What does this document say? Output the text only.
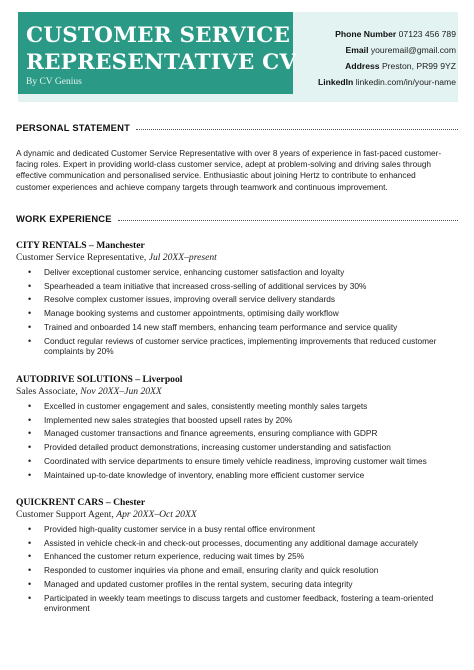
CUSTOMER SERVICE
REPRESENTATIVE CV
By CV Genius
Phone Number 07123 456 789
Email youremail@gmail.com
Address Preston, PR99 9YZ
LinkedIn linkedin.com/in/your-name
PERSONAL STATEMENT
A dynamic and dedicated Customer Service Representative with over 8 years of experience in fast-paced customer-facing roles. Expert in providing world-class customer service, adept at problem-solving and driving sales through effective communication and personalised service. Enthusiastic about joining Hertz to contribute to enhanced customer experiences and achieve company targets through teamwork and continuous improvement.
WORK EXPERIENCE
CITY RENTALS – Manchester
Customer Service Representative, Jul 20XX–present
• Deliver exceptional customer service, enhancing customer satisfaction and loyalty
• Spearheaded a team initiative that increased cross-selling of additional services by 30%
• Resolve complex customer issues, improving overall service delivery standards
• Manage booking systems and customer appointments, optimising daily workflow
• Trained and onboarded 14 new staff members, enhancing team performance and service quality
• Conduct regular reviews of customer service practices, implementing improvements that reduced customer complaints by 20%
AUTODRIVE SOLUTIONS – Liverpool
Sales Associate, Nov 20XX–Jun 20XX
• Excelled in customer engagement and sales, consistently meeting monthly sales targets
• Implemented new sales strategies that boosted upsell rates by 20%
• Managed customer transactions and finance agreements, ensuring compliance with GDPR
• Provided detailed product demonstrations, increasing customer understanding and satisfaction
• Coordinated with service departments to ensure timely vehicle readiness, improving customer wait times
• Maintained up-to-date knowledge of inventory, enabling more efficient customer service
QUICKRENT CARS – Chester
Customer Support Agent, Apr 20XX–Oct 20XX
• Provided high-quality customer service in a busy rental office environment
• Assisted in vehicle check-in and check-out processes, documenting any additional damage accurately
• Enhanced the customer return experience, reducing wait times by 25%
• Responded to customer inquiries via phone and email, ensuring clarity and quick resolution
• Managed and updated customer profiles in the rental system, securing data integrity
• Participated in weekly team meetings to discuss targets and customer feedback, fostering a team-oriented environment
